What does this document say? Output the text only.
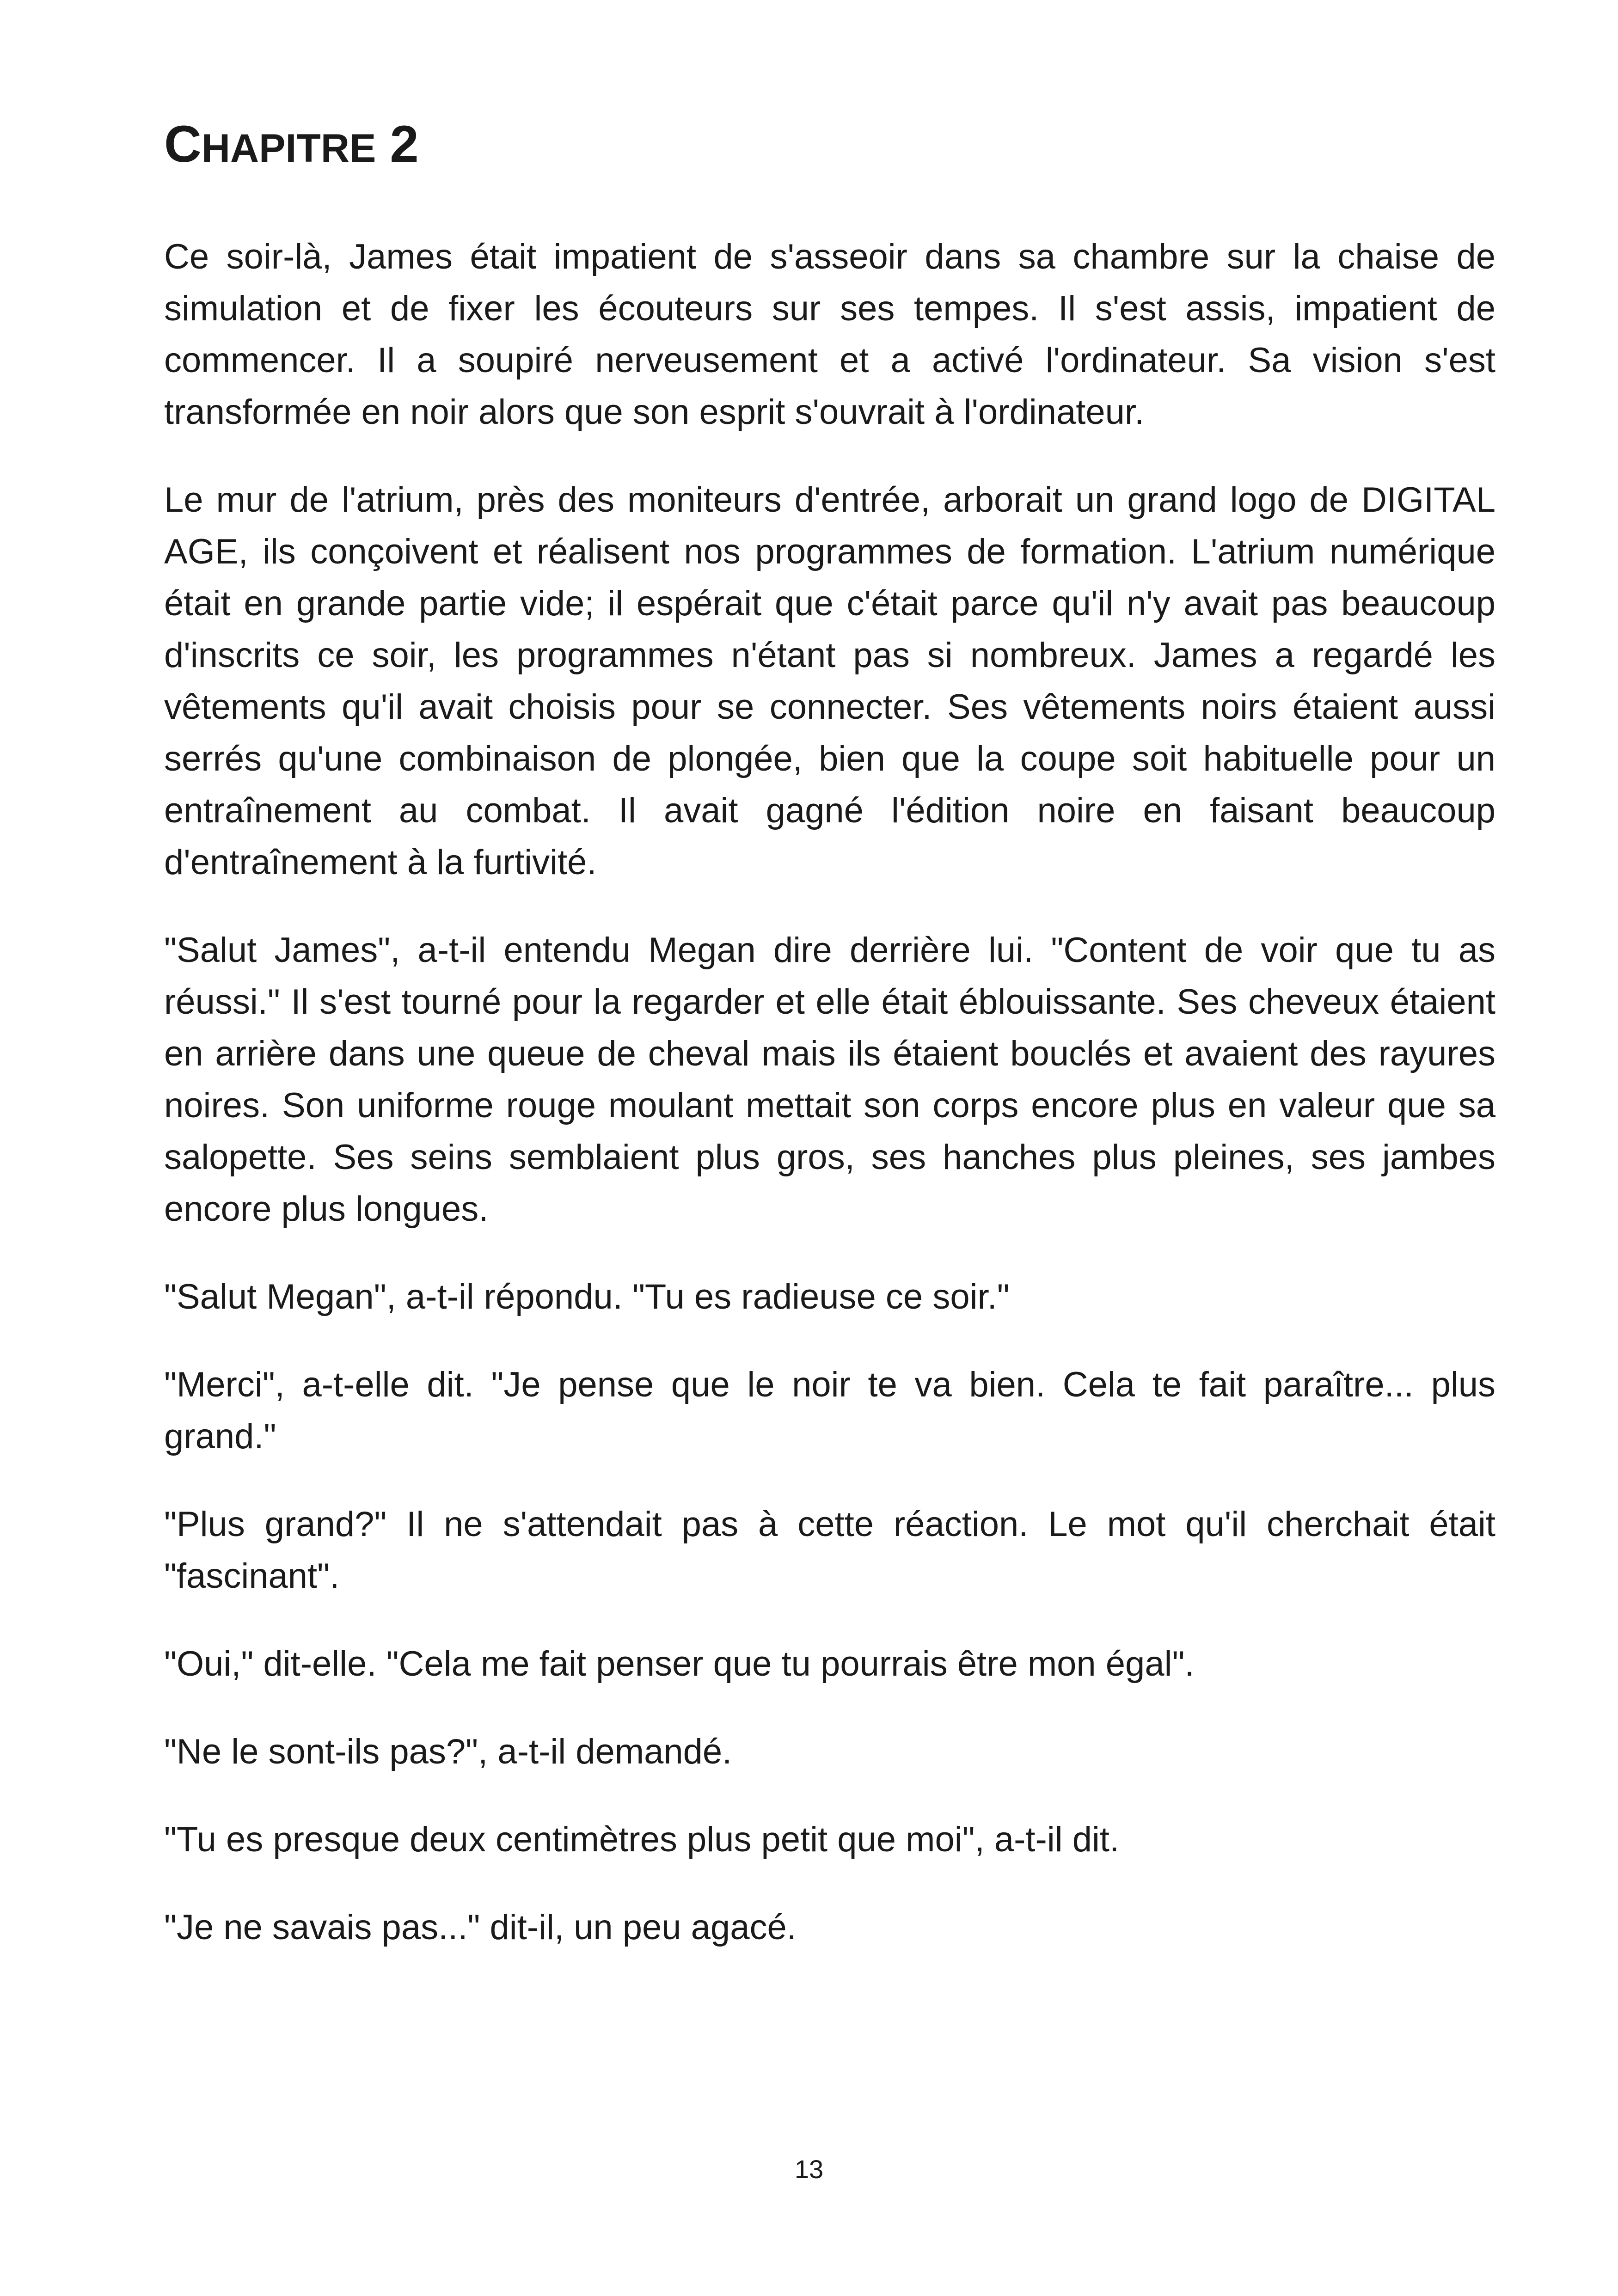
CHAPITRE 2

Ce soir-là, James était impatient de s'asseoir dans sa chambre sur la chaise de simulation et de fixer les écouteurs sur ses tempes. Il s'est assis, impatient de commencer. Il a soupiré nerveusement et a activé l'ordinateur. Sa vision s'est transformée en noir alors que son esprit s'ouvrait à l'ordinateur.

Le mur de l'atrium, près des moniteurs d'entrée, arborait un grand logo de DIGITAL AGE, ils conçoivent et réalisent nos programmes de formation. L'atrium numérique était en grande partie vide; il espérait que c'était parce qu'il n'y avait pas beaucoup d'inscrits ce soir, les programmes n'étant pas si nombreux. James a regardé les vêtements qu'il avait choisis pour se connecter. Ses vêtements noirs étaient aussi serrés qu'une combinaison de plongée, bien que la coupe soit habituelle pour un entraînement au combat. Il avait gagné l'édition noire en faisant beaucoup d'entraînement à la furtivité.

"Salut James", a-t-il entendu Megan dire derrière lui. "Content de voir que tu as réussi." Il s'est tourné pour la regarder et elle était éblouissante. Ses cheveux étaient en arrière dans une queue de cheval mais ils étaient bouclés et avaient des rayures noires. Son uniforme rouge moulant mettait son corps encore plus en valeur que sa salopette. Ses seins semblaient plus gros, ses hanches plus pleines, ses jambes encore plus longues.

"Salut Megan", a-t-il répondu. "Tu es radieuse ce soir."

"Merci", a-t-elle dit. "Je pense que le noir te va bien. Cela te fait paraître... plus grand."

"Plus grand?" Il ne s'attendait pas à cette réaction. Le mot qu'il cherchait était "fascinant".

"Oui," dit-elle. "Cela me fait penser que tu pourrais être mon égal".

"Ne le sont-ils pas?", a-t-il demandé.

"Tu es presque deux centimètres plus petit que moi", a-t-il dit.

"Je ne savais pas..." dit-il, un peu agacé.

13
